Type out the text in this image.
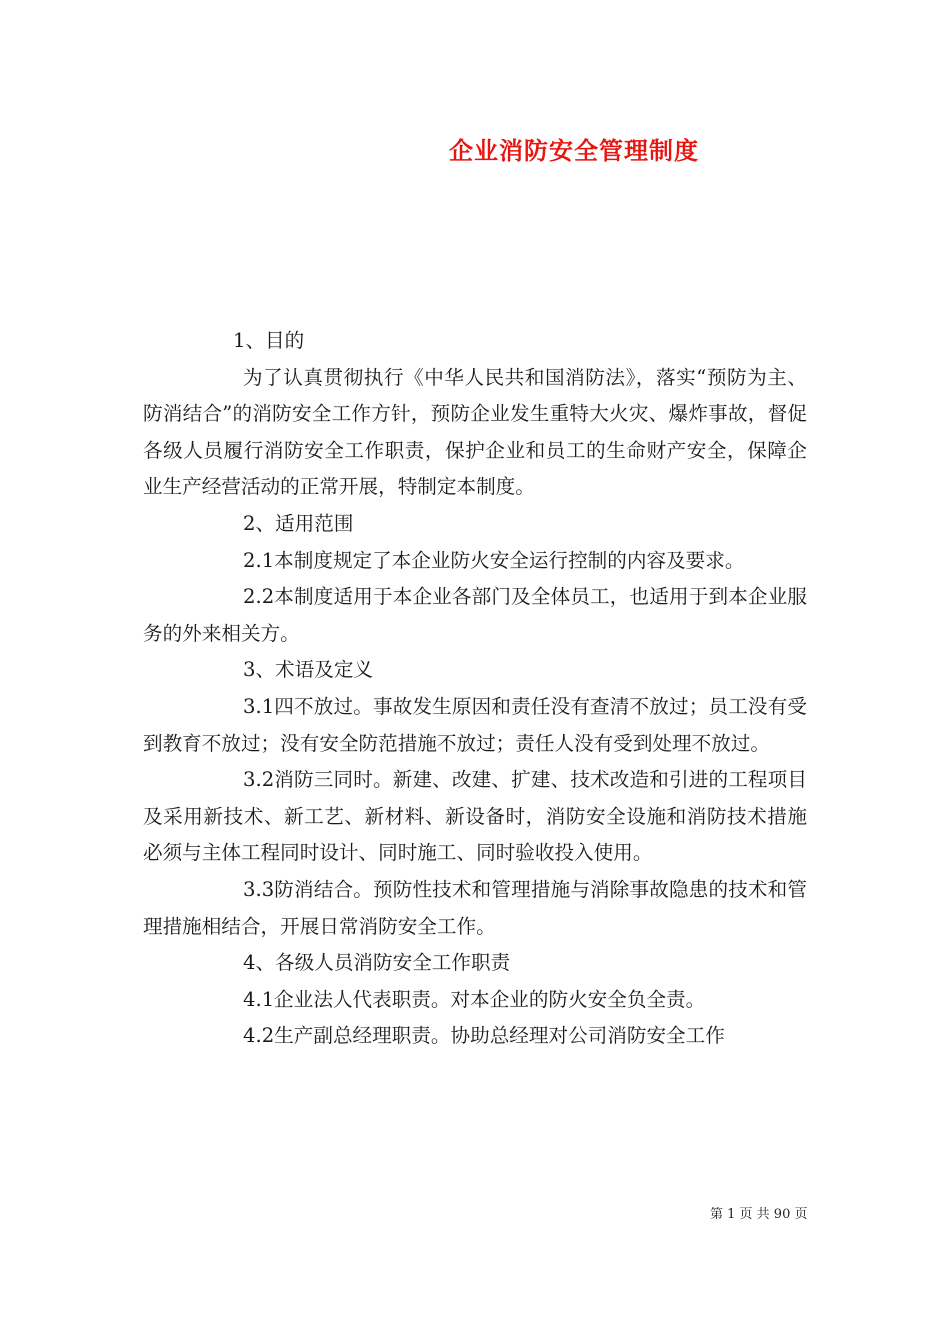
企业消防安全管理制度

1、目的

为了认真贯彻执行《中华人民共和国消防法》，落实“预防为主、防消结合”的消防安全工作方针，预防企业发生重特大火灾、爆炸事故，督促各级人员履行消防安全工作职责，保护企业和员工的生命财产安全，保障企业生产经营活动的正常开展，特制定本制度。

2、适用范围

2.1本制度规定了本企业防火安全运行控制的内容及要求。

2.2本制度适用于本企业各部门及全体员工，也适用于到本企业服务的外来相关方。

3、术语及定义

3.1四不放过。事故发生原因和责任没有查清不放过；员工没有受到教育不放过；没有安全防范措施不放过；责任人没有受到处理不放过。

3.2消防三同时。新建、改建、扩建、技术改造和引进的工程项目及采用新技术、新工艺、新材料、新设备时，消防安全设施和消防技术措施必须与主体工程同时设计、同时施工、同时验收投入使用。

3.3防消结合。预防性技术和管理措施与消除事故隐患的技术和管理措施相结合，开展日常消防安全工作。

4、各级人员消防安全工作职责

4.1企业法人代表职责。对本企业的防火安全负全责。

4.2生产副总经理职责。协助总经理对公司消防安全工作

第 1 页 共 90 页
